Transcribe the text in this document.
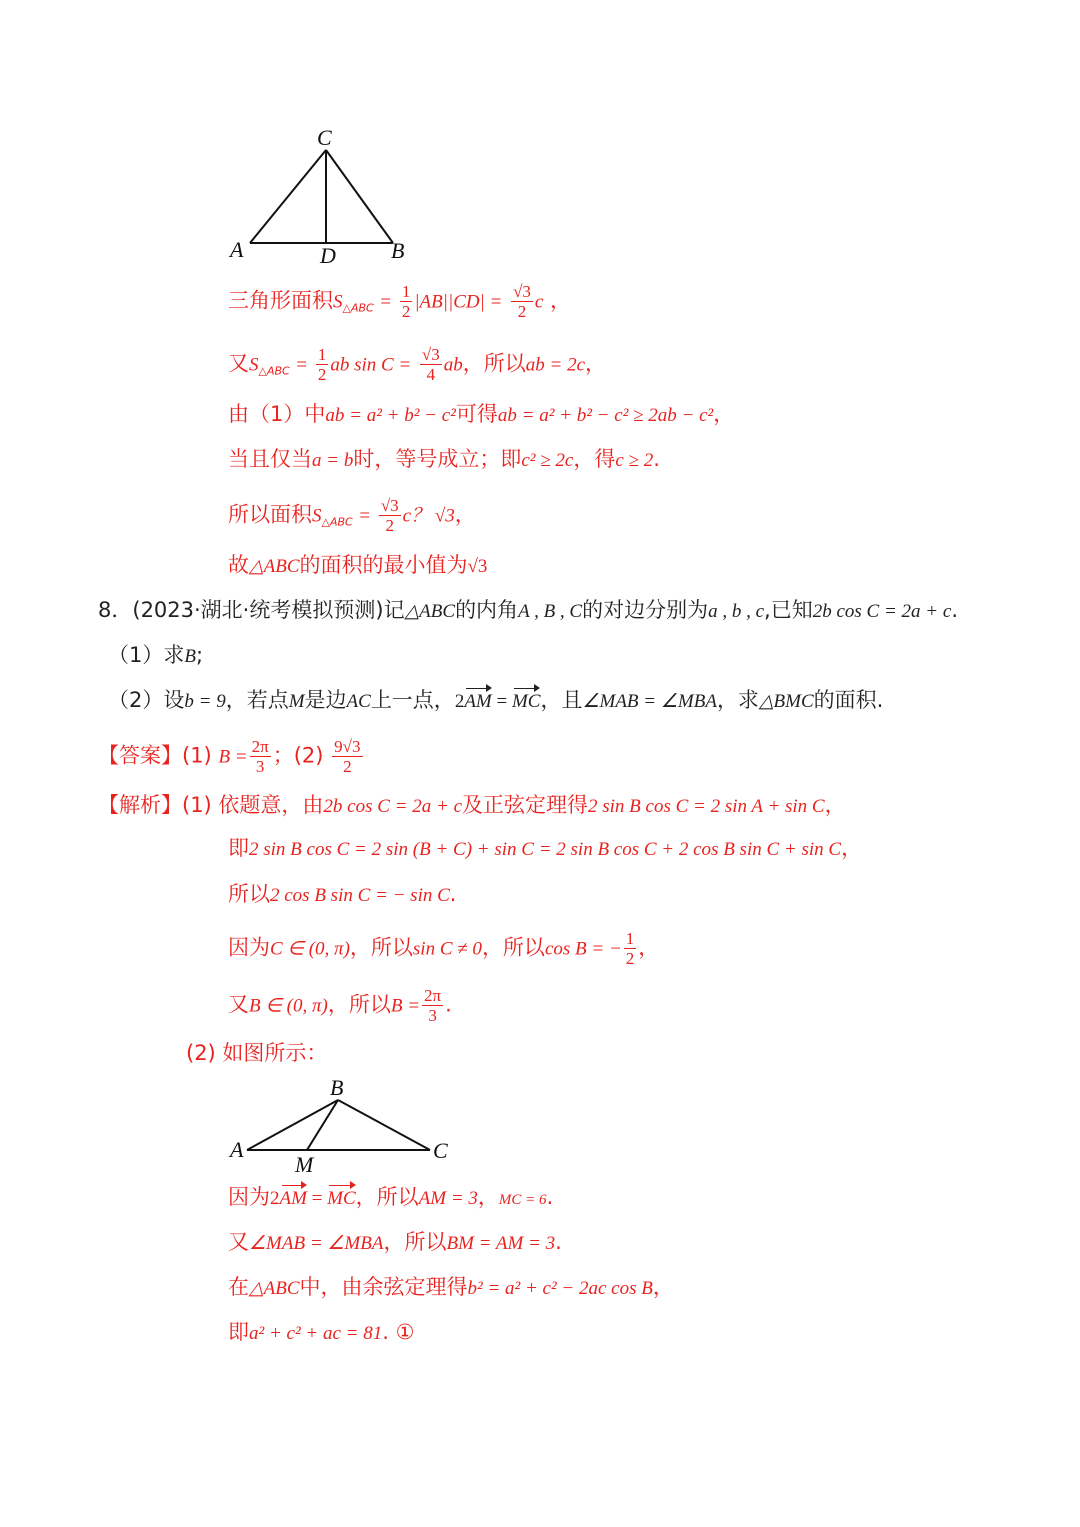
C
A	B
D
三角形面积$S_{\triangle ABC} = \frac{1}{2} |AB||CD| = \frac{√3}{2}$ c ，
又$S_{\triangle ABC} = \frac{1}{2}$ ab $\sin C = \frac{√3}{4}$ ab，所以ab = 2c，
由（1）中ab = a² + b² − c²可得ab = a² + b² − c² ≥ 2ab − c²，
当且仅当a = b时，等号成立；即c² ≥ 2c，得c ≥ 2.
所以面积$S_{\triangle ABC} = \frac{√3}{2}$ c？ √3，
故△ABC的面积的最小值为√3
8．(2023·湖北·统考模拟预测)记△ABC的内角A , B , C的对边分别为a , b , c,已知2b cos C = 2a + c.
（1）求B;
（2）设b = 9，若点M是边AC上一点，2AM = MC，且∠MAB = ∠MBA，求△BMC的面积.
【答案】(1) $B = \frac{2\pi}{3}$ ；$(2) \frac{9√3}{2}$
【解析】(1) 依题意，由2b cos C = 2a + c及正弦定理得2 sin B cos C = 2 sin A + sin C，
即2 sin B cos C = 2 sin (B + C) + sin C = 2 sin B cos C + 2 cos B sin C + sin C，
所以2 cos B sin C = − sin C.
因为C ∈ (0, π)，所以sin C ≠ 0，所以cos B = − $\frac{1}{2}$ ，
又B ∈ (0, π)，所以$B = \frac{2\pi}{3}$ .
(2) 如图所示：
B
A	C
M
因为2AM = MC，所以AM = 3，MC = 6.
又∠MAB = ∠MBA，所以BM = AM = 3.
在△ABC中，由余弦定理得b² = a² + c² − 2ac cos B，
即a² + c² + ac = 81. ①
